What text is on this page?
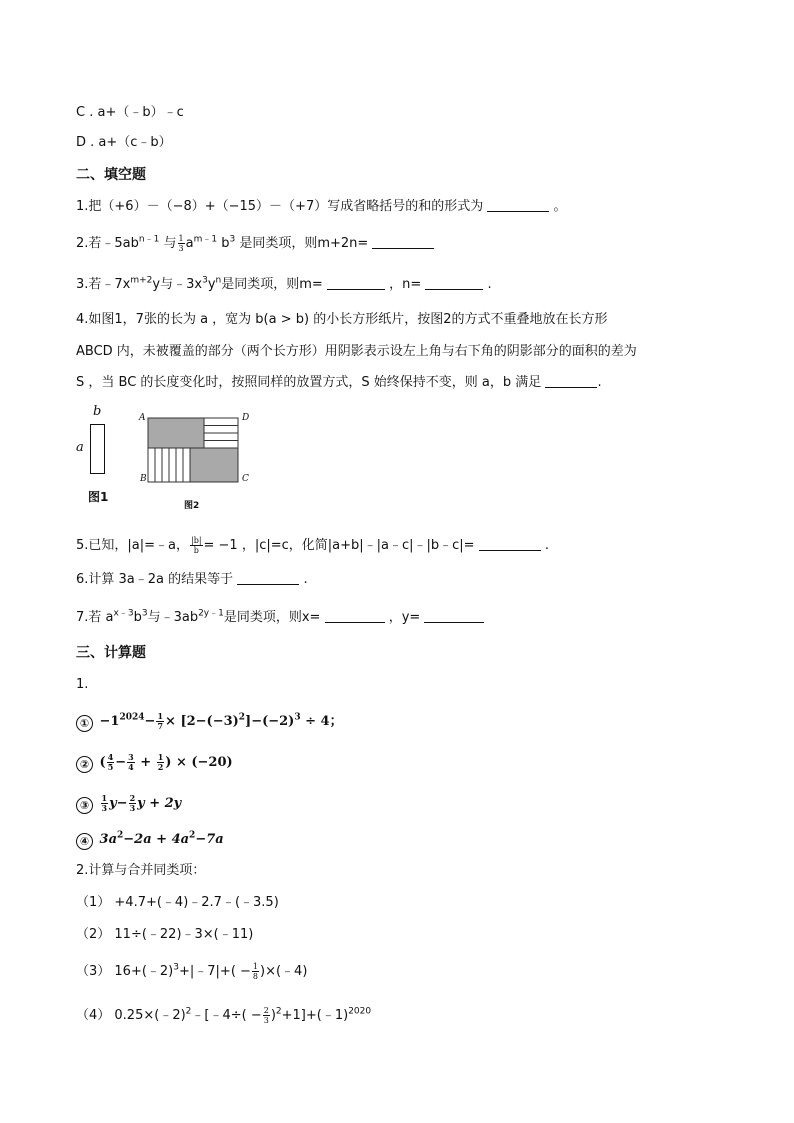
C . a+（﹣b）﹣c
D . a+（c﹣b）
二、填空题
1.把（+6）－（−8）+（−15）－（+7）写成省略括号的和的形式为	。
2.若$﹣5ab^{n﹣1}$ 与 $\frac{1}{3} a^{m﹣1}$ $b^3$ 是同类项，则m+2n=
3.若$﹣7x^{m+2}y$与$﹣3x^3y^n$是同类项，则m=	，n=	.
4.如图1，7张的长为 a ，宽为 b(a > b) 的小长方形纸片，按图2的方式不重叠地放在长方形
ABCD 内，未被覆盖的部分（两个长方形）用阴影表示设左上角与右下角的阴影部分的面积的差为
S ，当 BC 的长度变化时，按照同样的放置方式，S 始终保持不变，则 a，b 满足	.
b
a
图1
A	D
B	C
图2
5.已知，|a|=﹣a， $\frac{|b|}{b} = -1$ ，|c|=c，化简|a+b|﹣|a﹣c|﹣|b﹣c|=	.
6.计算 3a﹣2a 的结果等于	.
7.若 $a^{x﹣3}b^3$与$﹣3ab^{2y﹣1}$是同类项，则x=	，y=
三、计算题
1.
① $-1^{2024}- \frac{1}{7} \times [2-(-3)^2]-(-2)^3 \div 4$；
② ( $\frac{4}{5} - \frac{3}{4} + \frac{1}{2}$ ) × (−20)
③ $\frac{1}{3} y- \frac{2}{3}$ y + 2y
④ $3a^2-2a + 4a^2-7a$
2.计算与合并同类项：
（1） +4.7+(﹣4)﹣2.7﹣(﹣3.5)
（2） 11÷(﹣22)﹣3×(﹣11)
（3） 16+(﹣2)$^3$+|﹣7|+( − $\frac{1}{8}$ )×(﹣4)
（4） 0.25×(﹣2)$^2$﹣[﹣4÷( − $\frac{2}{3}$ )$^2$+1]+(﹣1)$^{2020}$
